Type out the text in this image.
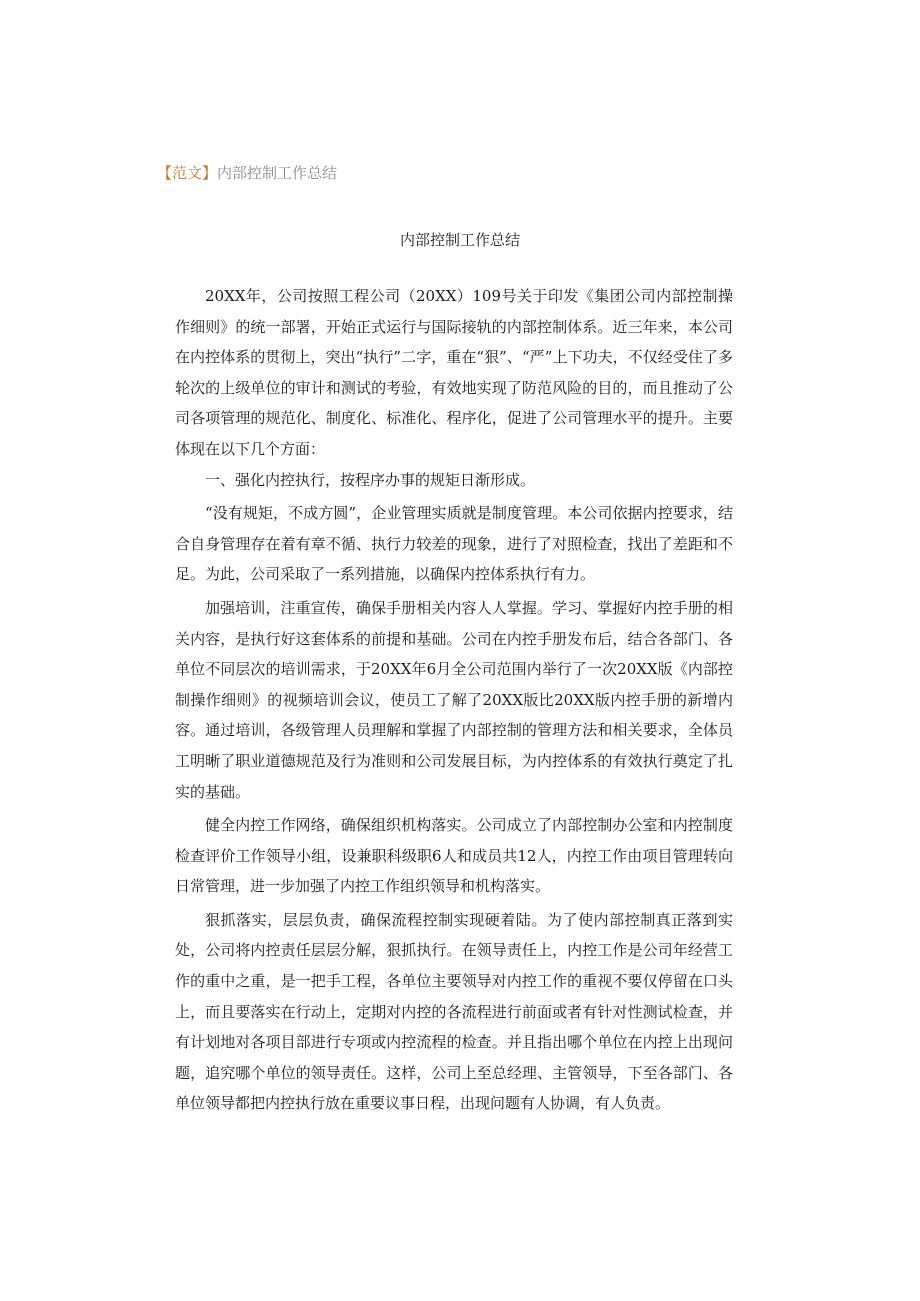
【范文】内部控制工作总结
内部控制工作总结

20XX年，公司按照工程公司（20XX）109号关于印发《集团公司内部控制操作细则》的统一部署，开始正式运行与国际接轨的内部控制体系。近三年来，本公司在内控体系的贯彻上，突出“执行”二字，重在“狠”、“严”上下功夫，不仅经受住了多轮次的上级单位的审计和测试的考验，有效地实现了防范风险的目的，而且推动了公司各项管理的规范化、制度化、标准化、程序化，促进了公司管理水平的提升。主要体现在以下几个方面：

一、强化内控执行，按程序办事的规矩日渐形成。

“没有规矩，不成方圆”，企业管理实质就是制度管理。本公司依据内控要求，结合自身管理存在着有章不循、执行力较差的现象，进行了对照检查，找出了差距和不足。为此，公司采取了一系列措施，以确保内控体系执行有力。

加强培训，注重宣传，确保手册相关内容人人掌握。学习、掌握好内控手册的相关内容，是执行好这套体系的前提和基础。公司在内控手册发布后，结合各部门、各单位不同层次的培训需求，于20XX年6月全公司范围内举行了一次20XX版《内部控制操作细则》的视频培训会议，使员工了解了20XX版比20XX版内控手册的新增内容。通过培训，各级管理人员理解和掌握了内部控制的管理方法和相关要求，全体员工明晰了职业道德规范及行为准则和公司发展目标，为内控体系的有效执行奠定了扎实的基础。

健全内控工作网络，确保组织机构落实。公司成立了内部控制办公室和内控制度检查评价工作领导小组，设兼职科级职6人和成员共12人，内控工作由项目管理转向日常管理，进一步加强了内控工作组织领导和机构落实。

狠抓落实，层层负责，确保流程控制实现硬着陆。为了使内部控制真正落到实处，公司将内控责任层层分解，狠抓执行。在领导责任上，内控工作是公司年经营工作的重中之重，是一把手工程，各单位主要领导对内控工作的重视不要仅停留在口头上，而且要落实在行动上，定期对内控的各流程进行前面或者有针对性测试检查，并有计划地对各项目部进行专项或内控流程的检查。并且指出哪个单位在内控上出现问题，追究哪个单位的领导责任。这样，公司上至总经理、主管领导，下至各部门、各单位领导都把内控执行放在重要议事日程，出现问题有人协调，有人负责。
